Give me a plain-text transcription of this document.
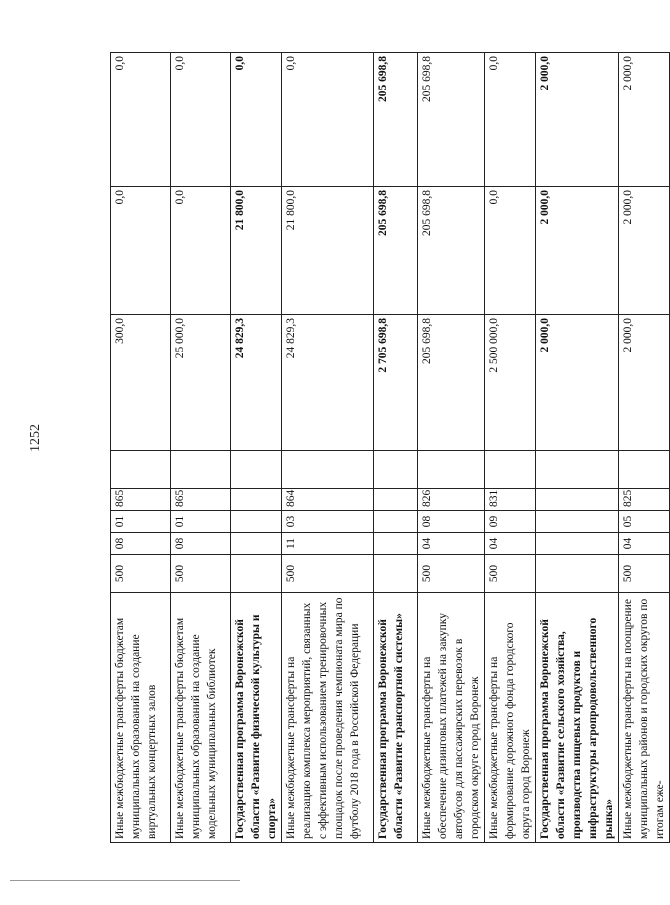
1252
Иные межбюджетные трансферты бюджетам муниципальных образований на создание виртуальных концертных залов	500	08	01	865		300,0	0,0	0,0
Иные межбюджетные трансферты бюджетам муниципальных образований на создание модельных муниципальных библиотек	500	08	01	865		25 000,0	0,0	0,0
Государственная программа Воронежской области «Развитие физической культуры и спорта»						24 829,3	21 800,0	0,0
Иные межбюджетные трансферты на реализацию комплекса мероприятий, связанных с эффективным использованием тренировочных площадок после проведения чемпионата мира по футболу 2018 года в Российской Федерации	500	11	03	864		24 829,3	21 800,0	0,0
Государственная программа Воронежской области «Развитие транспортной системы»						2 705 698,8	205 698,8	205 698,8
Иные межбюджетные трансферты на обеспечение дизинговых платежей на закупку автобусов для пассажирских перевозок в городском округе город Воронеж	500	04	08	826		205 698,8	205 698,8	205 698,8
Иные межбюджетные трансферты на формирование дорожного фонда городского округа город Воронеж	500	04	09	831		2 500 000,0	0,0	0,0
Государственная программа Воронежской области «Развитие сельского хозяйства, производства пищевых продуктов и инфраструктуры агропродовольственного рынка»						2 000,0	2 000,0	2 000,0
Иные межбюджетные трансферты на поощрение муниципальных районов и городских округов по итогам еже-	500	04	05	825		2 000,0	2 000,0	2 000,0
